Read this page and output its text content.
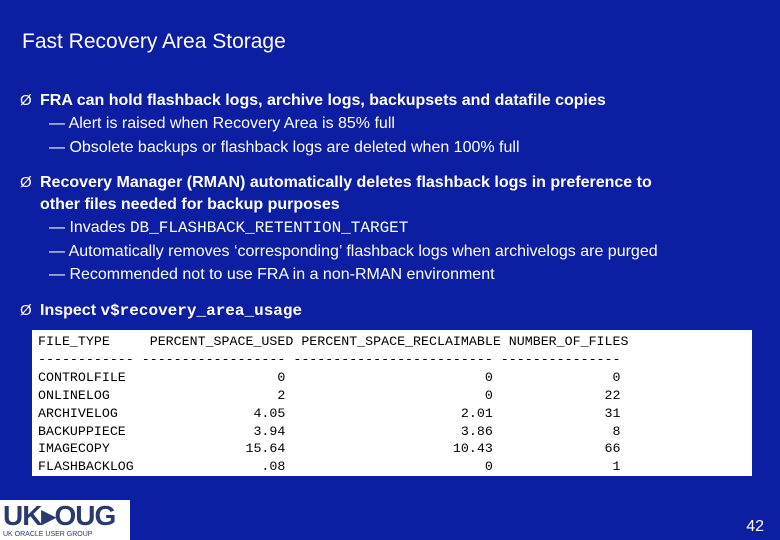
Fast Recovery Area Storage
Ø FRA can hold flashback logs, archive logs, backupsets and datafile copies
— Alert is raised when Recovery Area is 85% full
— Obsolete backups or flashback logs are deleted when 100% full
Ø Recovery Manager (RMAN) automatically deletes flashback logs in preference to
other files needed for backup purposes
— Invades DB_FLASHBACK_RETENTION_TARGET
— Automatically removes ‘corresponding’ flashback logs when archivelogs are purged
— Recommended not to use FRA in a non-RMAN environment
Ø Inspect v$recovery_area_usage
FILE_TYPE     PERCENT_SPACE_USED PERCENT_SPACE_RECLAIMABLE NUMBER_OF_FILES
------------ ------------------ ------------------------- ---------------
CONTROLFILE                   0                         0               0
ONLINELOG                     2                         0              22
ARCHIVELOG                 4.05                      2.01              31
BACKUPPIECE                3.94                      3.86               8
IMAGECOPY                 15.64                     10.43              66
FLASHBACKLOG                .08                         0               1
UK▸OUG
UK ORACLE USER GROUP	42
